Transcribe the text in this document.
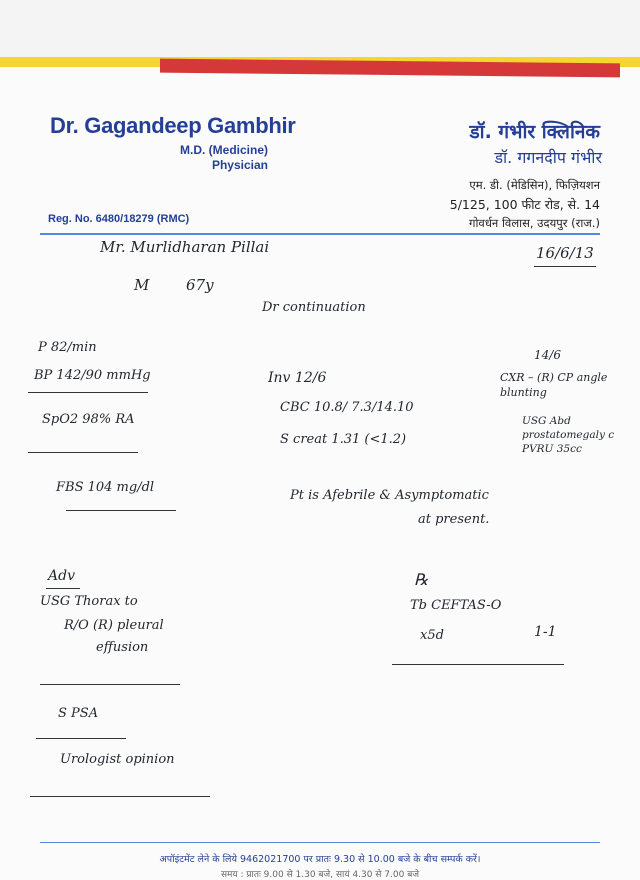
Dr. Gagandeep Gambhir
M.D. (Medicine)
Physician
डॉ. गंभीर क्लिनिक
डॉ. गगनदीप गंभीर
एम. डी. (मेडिसिन), फिज़ियशन
5/125, 100 फीट रोड, से. 14
गोवर्धन विलास, उदयपुर (राज.)
Reg. No. 6480/18279 (RMC)
Mr. Murlidharan Pillai	16/6/13
M 67y
Dr continuation
P 82/min
BP 142/90 mmHg
SpO2 98% RA
FBS 104 mg/dl
Inv 12/6
CBC 10.8/ 7.3/14.10
S creat 1.31 (<1.2)
14/6
CXR – (R) CP angle blunting
USG Abd prostatomegaly c PVRU 35cc
Pt is Afebrile & Asymptomatic
at present.
Adv
USG Thorax to
R/O (R) pleural
effusion
S PSA
Urologist opinion
℞
Tb CEFTAS-O
1-1
x5d
अपॉइंटमेंट लेने के लिये 9462021700 पर प्रातः 9.30 से 10.00 बजे के बीच सम्पर्क करें।
समय : प्रातः 9.00 से 1.30 बजे, सायं 4.30 से 7.00 बजे
